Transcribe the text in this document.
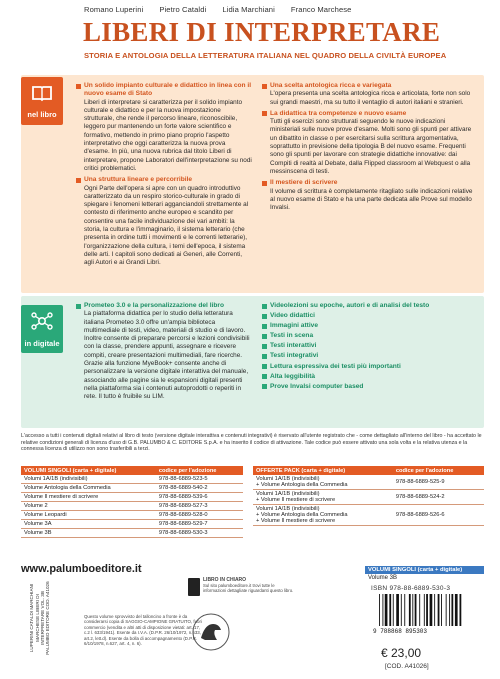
Romano Luperini Pietro Cataldi Lidia Marchiani Franco Marchese
LIBERI DI INTERPRETARE
STORIA E ANTOLOGIA DELLA LETTERATURA ITALIANA NEL QUADRO DELLA CIVILTÀ EUROPEA
nel libro
Un solido impianto culturale e didattico in linea con il nuovo esame di Stato
Liberi di interpretare si caratterizza per il solido impianto culturale e didattico e per la nuova impostazione strutturale, che rende il percorso lineare, riconoscibile, leggero pur mantenendo un forte valore scientifico e formativo, mettendo in primo piano proprio l'aspetto interpretativo che oggi caratterizza la nuova prova d'esame. In più, una nuova rubrica dal titolo Liberi di interpretare, propone Laboratori dell'interpretazione su nodi critici problematici.
Una struttura lineare e percorribile
Ogni Parte dell'opera si apre con un quadro introduttivo caratterizzato da un respiro storico-culturale in grado di spiegare i fenomeni letterari agganciandoli strettamente al contesto di riferimento anche europeo e scandito per consentire una facile individuazione dei vari ambiti: la storia, la cultura e l'immaginario, il sistema letterario (che presenta in ordine tutti i movimenti e le correnti letterarie), l'organizzazione della cultura, i temi dell'epoca, il sistema delle arti. I capitoli sono dedicati ai Generi, alle Correnti, agli Autori e ai Grandi Libri.
Una scelta antologica ricca e variegata
L'opera presenta una scelta antologica ricca e articolata, forte non solo sui grandi maestri, ma su tutto il ventaglio di autori italiani e stranieri.
La didattica tra competenze e nuovo esame
Tutti gli esercizi sono strutturati seguendo le nuove indicazioni ministeriali sulle nuove prove d'esame. Molti sono gli spunti per attivare un dibattito in classe o per esercitarsi sulla scrittura argomentativa, soprattutto in previsione della tipologia B del nuovo esame. Frequenti sono gli spunti per lavorare con strategie didattiche innovative: dai Compiti di realtà al Debate, dalla Flipped classroom al Webquest o alla messinscena di testi.
Il mestiere di scrivere
Il volume di scrittura è completamente ritagliato sulle indicazioni relative al nuovo esame di Stato e ha una parte dedicata alle Prove sul modello Invalsi.
in digitale
Prometeo 3.0 e la personalizzazione del libro
La piattaforma didattica per lo studio della letteratura italiana Prometeo 3.0 offre un'ampia biblioteca multimediale di testi, video, materiali di studio e di lavoro. Inoltre consente di preparare percorsi e lezioni condivisibili con la classe, prendere appunti, assegnare e ricevere compiti, creare presentazioni multimediali, fare ricerche. Grazie alla funzione MyeBook+ consente anche di personalizzare la versione digitale interattiva del manuale, associando alle pagine sia le espansioni digitali presenti nella piattaforma sia i contenuti autoprodotti o reperiti in rete. Il tutto è fruibile su LIM.
Videolezioni su epoche, autori e di analisi del testo
Video didattici
Immagini attive
Testi in scena
Testi interattivi
Testi integrativi
Lettura espressiva dei testi più importanti
Alta leggibilità
Prove Invalsi computer based
L'accesso a tutti i contenuti digitali relativi al libro di testo (versione digitale interattiva e contenuti integrativi) è riservato all'utente registrato che - come dettagliato all'interno del libro - ha accettato le relative condizioni generali di licenza d'uso di G.B. PALUMBO & C. EDITORE S.p.A. e ha inserito il codice di attivazione. Tale codice può essere attivato una sola volta e la relativa utenza e la connessa licenza di utilizzo non sono trasferibili a terzi.
VOLUMI SINGOLI (carta + digitale)	codice per l'adozione
Volumi 1A/1B (indivisibili)	978-88-6889-523-5
Volume Antologia della Commedia	978-88-6889-540-2
Volume Il mestiere di scrivere	978-88-6889-539-6
Volume 2	978-88-6889-527-3
Volume Leopardi	978-88-6889-528-0
Volume 3A	978-88-6889-529-7
Volume 3B	978-88-6889-530-3
OFFERTE PACK (carta + digitale)	codice per l'adozione

Volumi 1A/1B (indivisibili)
+ Volume Antologia della Commedia	978-88-6889-525-9

Volumi 1A/1B (indivisibili)
+ Volume Il mestiere di scrivere	978-88-6889-524-2

Volumi 1A/1B (indivisibili)
+ Volume Antologia della Commedia
+ Volume Il mestiere di scrivere	978-88-6889-526-6
www.palumboeditore.it
LUPERINI CATALDI MARCHIANI MARCHESE LIBERI DI INTERPRETARE VOL. 3B PALUMBO EDITORE COD. A41026	Questo volume sprovvisto del talloncino a fronte è da considerarsi copia di SAGGIO-CAMPIONE GRATUITO, fuori commercio (vendita e altri atti di disposizione vietati: art. 17, c.2 l. 633/1941). Esente da I.V.A. (D.P.R. 26/10/1972, n.633, art.2, lett.d). Esente da bolla di accompagnamento (D.P.R. 6/10/1978, n.627, art. 4, n. 6).
LIBRO IN CHIARO
Sul sito palumboeditore.it trovi tutte le informazioni dettagliate riguardanti questo libro.
VOLUMI SINGOLI (carta + digitale)
Volume 3B
ISBN 978-88-6889-530-3
9 788868 895303
€ 23,00
[COD. A41026]
